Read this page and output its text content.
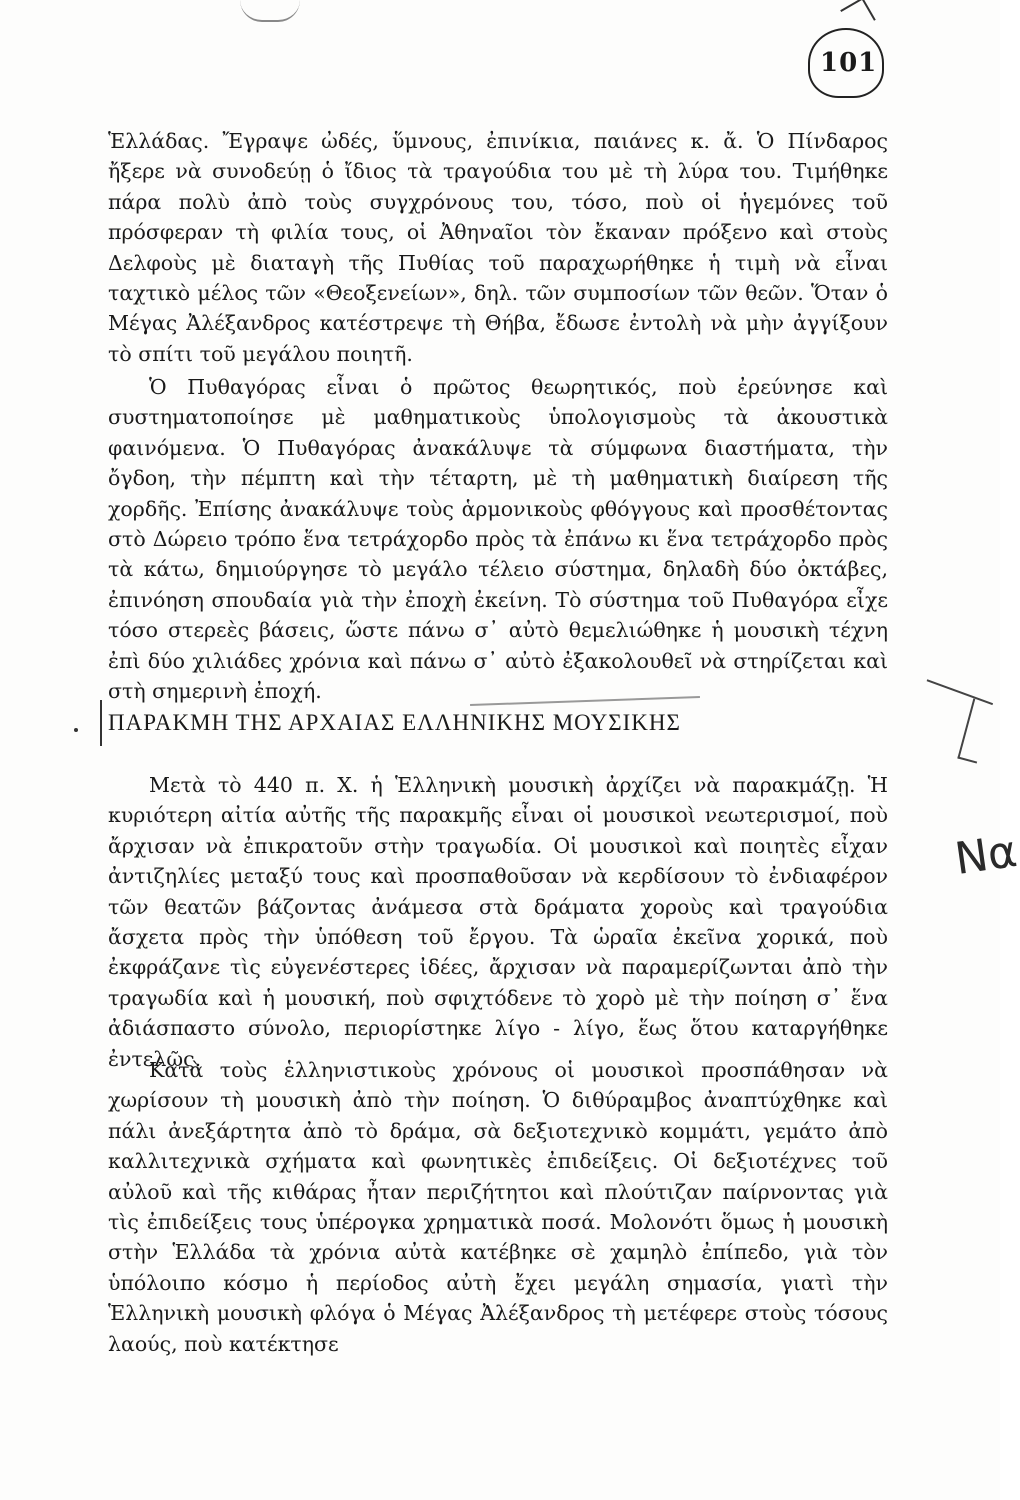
101

Ἑλλάδας. Ἔγραψε ὠδές, ὕμνους, ἐπινίκια, παιάνες κ. ἄ. Ὁ Πίνδαρος ἤξερε νὰ συνοδεύῃ ὁ ἴδιος τὰ τραγούδια του μὲ τὴ λύρα του. Τιμήθηκε πάρα πολὺ ἀπὸ τοὺς συγχρόνους του, τόσο, ποὺ οἱ ἡγεμόνες τοῦ πρόσφεραν τὴ φιλία τους, οἱ Ἀθηναῖοι τὸν ἔκαναν πρόξενο καὶ στοὺς Δελφοὺς μὲ διαταγὴ τῆς Πυθίας τοῦ παραχωρήθηκε ἡ τιμὴ νὰ εἶναι ταχτικὸ μέλος τῶν «Θεοξενείων», δηλ. τῶν συμποσίων τῶν θεῶν. Ὅταν ὁ Μέγας Ἀλέξανδρος κατέστρεψε τὴ Θήβα, ἔδωσε ἐντολὴ νὰ μὴν ἀγγίξουν τὸ σπίτι τοῦ μεγάλου ποιητῆ.

Ὁ Πυθαγόρας εἶναι ὁ πρῶτος θεωρητικός, ποὺ ἐρεύνησε καὶ συστηματοποίησε μὲ μαθηματικοὺς ὑπολογισμοὺς τὰ ἀκουστικὰ φαινόμενα. Ὁ Πυθαγόρας ἀνακάλυψε τὰ σύμφωνα διαστήματα, τὴν ὄγδοη, τὴν πέμπτη καὶ τὴν τέταρτη, μὲ τὴ μαθηματικὴ διαίρεση τῆς χορδῆς. Ἐπίσης ἀνακάλυψε τοὺς ἁρμονικοὺς φθόγγους καὶ προσθέτοντας στὸ Δώρειο τρόπο ἕνα τετράχορδο πρὸς τὰ ἐπάνω κι ἕνα τετράχορδο πρὸς τὰ κάτω, δημιούργησε τὸ μεγάλο τέλειο σύστημα, δηλαδὴ δύο ὀκτάβες, ἐπινόηση σπουδαία γιὰ τὴν ἐποχὴ ἐκείνη. Τὸ σύστημα τοῦ Πυθαγόρα εἶχε τόσο στερεὲς βάσεις, ὥστε πάνω σ᾿ αὐτὸ θεμελιώθηκε ἡ μουσικὴ τέχνη ἐπὶ δύο χιλιάδες χρόνια καὶ πάνω σ᾿ αὐτὸ ἐξακολουθεῖ νὰ στηρίζεται καὶ στὴ σημερινὴ ἐποχή.

ΠΑΡΑΚΜΗ ΤΗΣ ΑΡΧΑΙΑΣ ΕΛΛΗΝΙΚΗΣ ΜΟΥΣΙΚΗΣ

Μετὰ τὸ 440 π. Χ. ἡ Ἑλληνικὴ μουσικὴ ἀρχίζει νὰ παρακμάζῃ. Ἡ κυριότερη αἰτία αὐτῆς τῆς παρακμῆς εἶναι οἱ μουσικοὶ νεωτερισμοί, ποὺ ἄρχισαν νὰ ἐπικρατοῦν στὴν τραγωδία. Οἱ μουσικοὶ καὶ ποιητὲς εἶχαν ἀντιζηλίες μεταξύ τους καὶ προσπαθοῦσαν νὰ κερδίσουν τὸ ἐνδιαφέρον τῶν θεατῶν βάζοντας ἀνάμεσα στὰ δράματα χοροὺς καὶ τραγούδια ἄσχετα πρὸς τὴν ὑπόθεση τοῦ ἔργου. Τὰ ὡραῖα ἐκεῖνα χορικά, ποὺ ἐκφράζανε τὶς εὐγενέστερες ἰδέες, ἄρχισαν νὰ παραμερίζωνται ἀπὸ τὴν τραγωδία καὶ ἡ μουσική, ποὺ σφιχτόδενε τὸ χορὸ μὲ τὴν ποίηση σ᾿ ἕνα ἀδιάσπαστο σύνολο, περιορίστηκε λίγο - λίγο, ἕως ὅτου καταργήθηκε ἐντελῶς.

Κατὰ τοὺς ἑλληνιστικοὺς χρόνους οἱ μουσικοὶ προσπάθησαν νὰ χωρίσουν τὴ μουσικὴ ἀπὸ τὴν ποίηση. Ὁ διθύραμβος ἀναπτύχθηκε καὶ πάλι ἀνεξάρτητα ἀπὸ τὸ δράμα, σὰ δεξιοτεχνικὸ κομμάτι, γεμάτο ἀπὸ καλλιτεχνικὰ σχήματα καὶ φωνητικὲς ἐπιδείξεις. Οἱ δεξιοτέχνες τοῦ αὐλοῦ καὶ τῆς κιθάρας ἦταν περιζήτητοι καὶ πλούτιζαν παίρνοντας γιὰ τὶς ἐπιδείξεις τους ὑπέρογκα χρηματικὰ ποσά. Μολονότι ὅμως ἡ μουσικὴ στὴν Ἑλλάδα τὰ χρόνια αὐτὰ κατέβηκε σὲ χαμηλὸ ἐπίπεδο, γιὰ τὸν ὑπόλοιπο κόσμο ἡ περίοδος αὐτὴ ἔχει μεγάλη σημασία, γιατὶ τὴν Ἑλληνικὴ μουσικὴ φλόγα ὁ Μέγας Ἀλέξανδρος τὴ μετέφερε στοὺς τόσους λαούς, ποὺ κατέκτησε

Να
